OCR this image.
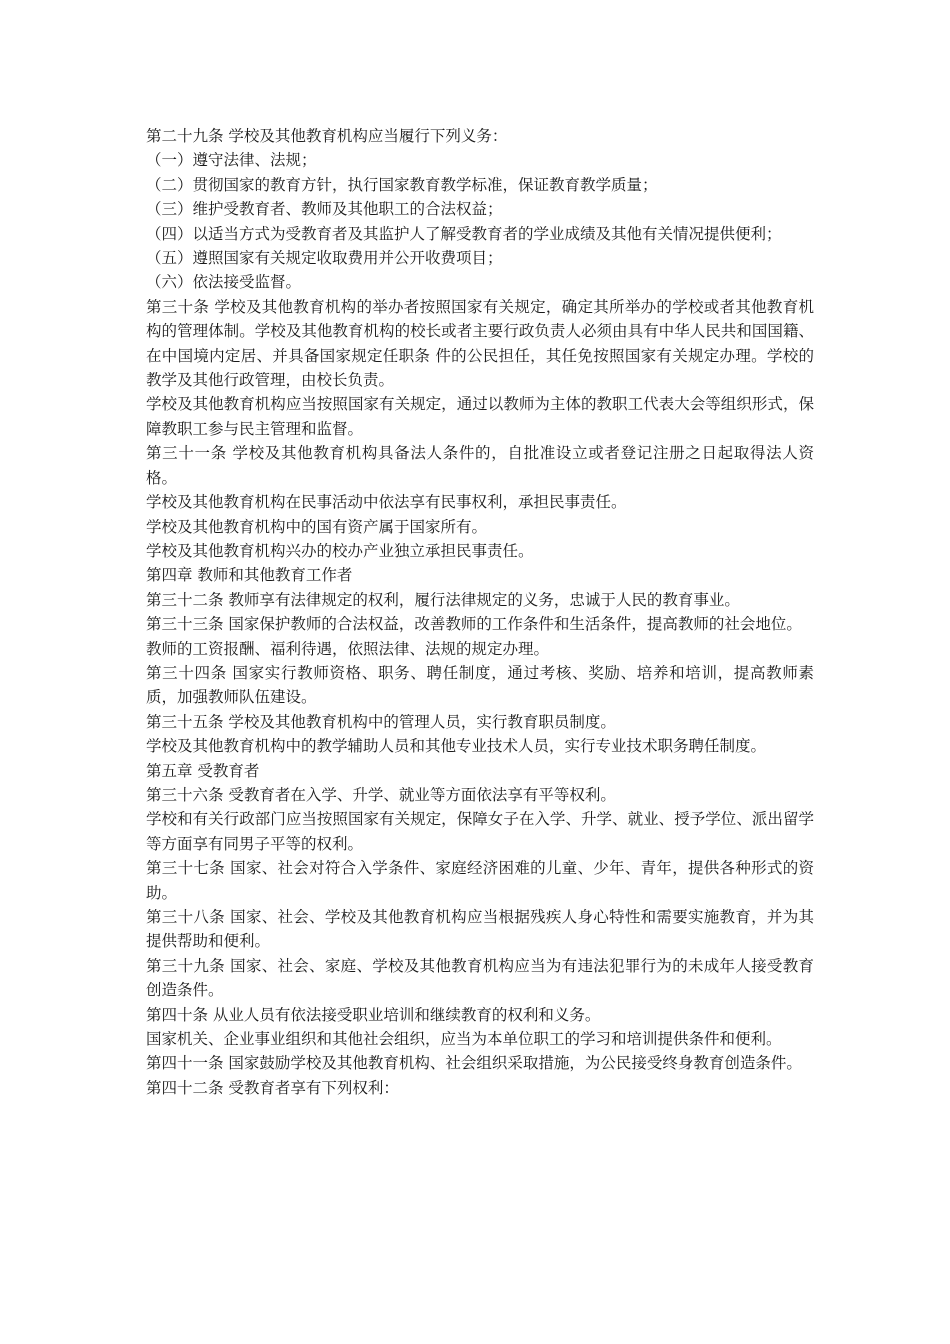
第二十九条 学校及其他教育机构应当履行下列义务：

（一）遵守法律、法规；

（二）贯彻国家的教育方针，执行国家教育教学标准，保证教育教学质量；

（三）维护受教育者、教师及其他职工的合法权益；

（四）以适当方式为受教育者及其监护人了解受教育者的学业成绩及其他有关情况提供便利；

（五）遵照国家有关规定收取费用并公开收费项目；

（六）依法接受监督。

第三十条 学校及其他教育机构的举办者按照国家有关规定，确定其所举办的学校或者其他教育机构的管理体制。学校及其他教育机构的校长或者主要行政负责人必须由具有中华人民共和国国籍、在中国境内定居、并具备国家规定任职条 件的公民担任，其任免按照国家有关规定办理。学校的教学及其他行政管理，由校长负责。

学校及其他教育机构应当按照国家有关规定，通过以教师为主体的教职工代表大会等组织形式，保障教职工参与民主管理和监督。

第三十一条 学校及其他教育机构具备法人条件的，自批准设立或者登记注册之日起取得法人资格。

学校及其他教育机构在民事活动中依法享有民事权利，承担民事责任。

学校及其他教育机构中的国有资产属于国家所有。

学校及其他教育机构兴办的校办产业独立承担民事责任。

第四章 教师和其他教育工作者

第三十二条 教师享有法律规定的权利，履行法律规定的义务，忠诚于人民的教育事业。

第三十三条 国家保护教师的合法权益，改善教师的工作条件和生活条件，提高教师的社会地位。

教师的工资报酬、福利待遇，依照法律、法规的规定办理。

第三十四条 国家实行教师资格、职务、聘任制度，通过考核、奖励、培养和培训，提高教师素质，加强教师队伍建设。

第三十五条 学校及其他教育机构中的管理人员，实行教育职员制度。

学校及其他教育机构中的教学辅助人员和其他专业技术人员，实行专业技术职务聘任制度。

第五章 受教育者

第三十六条 受教育者在入学、升学、就业等方面依法享有平等权利。

学校和有关行政部门应当按照国家有关规定，保障女子在入学、升学、就业、授予学位、派出留学等方面享有同男子平等的权利。

第三十七条 国家、社会对符合入学条件、家庭经济困难的儿童、少年、青年，提供各种形式的资助。

第三十八条 国家、社会、学校及其他教育机构应当根据残疾人身心特性和需要实施教育，并为其提供帮助和便利。

第三十九条 国家、社会、家庭、学校及其他教育机构应当为有违法犯罪行为的未成年人接受教育创造条件。

第四十条 从业人员有依法接受职业培训和继续教育的权利和义务。

国家机关、企业事业组织和其他社会组织，应当为本单位职工的学习和培训提供条件和便利。

第四十一条 国家鼓励学校及其他教育机构、社会组织采取措施，为公民接受终身教育创造条件。

第四十二条 受教育者享有下列权利：
